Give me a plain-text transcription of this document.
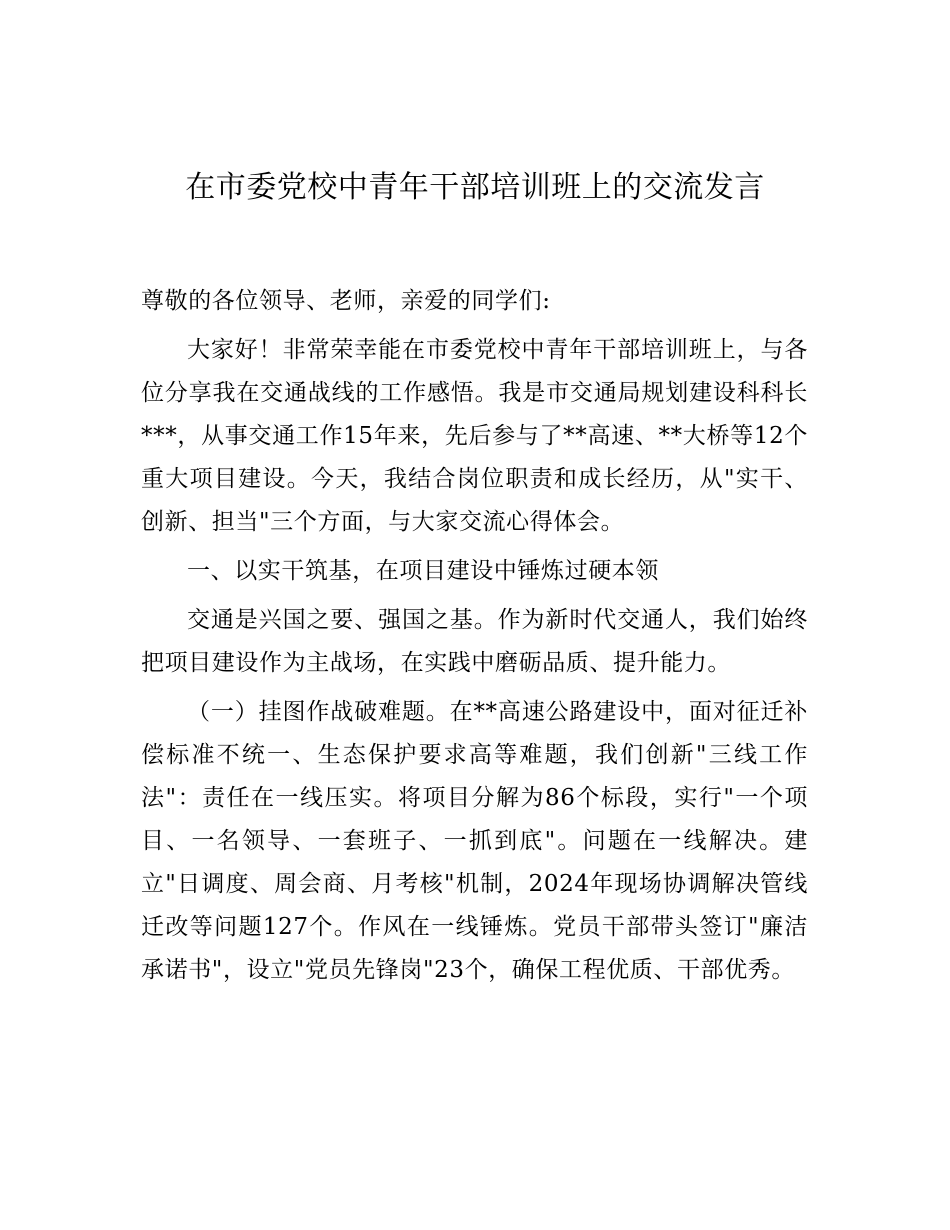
在市委党校中青年干部培训班上的交流发言

尊敬的各位领导、老师，亲爱的同学们:

大家好！非常荣幸能在市委党校中青年干部培训班上，与各位分享我在交通战线的工作感悟。我是市交通局规划建设科科长***，从事交通工作15年来，先后参与了**高速、**大桥等12个重大项目建设。今天，我结合岗位职责和成长经历，从"实干、创新、担当"三个方面，与大家交流心得体会。

一、以实干筑基，在项目建设中锤炼过硬本领

交通是兴国之要、强国之基。作为新时代交通人，我们始终把项目建设作为主战场，在实践中磨砺品质、提升能力。

（一）挂图作战破难题。在**高速公路建设中，面对征迁补偿标准不统一、生态保护要求高等难题，我们创新"三线工作法"：责任在一线压实。将项目分解为86个标段，实行"一个项目、一名领导、一套班子、一抓到底"。问题在一线解决。建立"日调度、周会商、月考核"机制，2024年现场协调解决管线迁改等问题127个。作风在一线锤炼。党员干部带头签订"廉洁承诺书"，设立"党员先锋岗"23个，确保工程优质、干部优秀。
